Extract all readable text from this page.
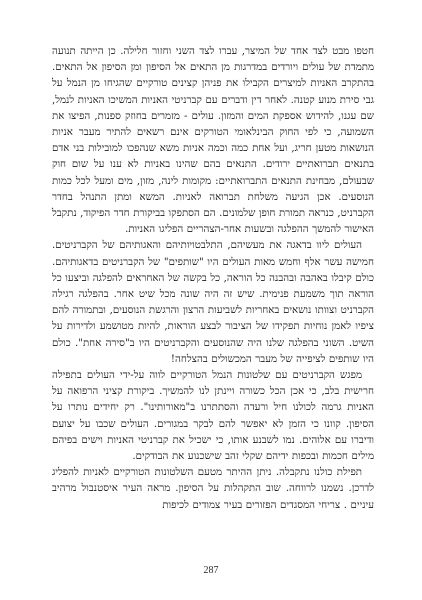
חטפו מבט לצד אחד של המיצר, עברו לצד השני וחזור חלילה. כן הייתה תנועה מתמדת של עולים ויורדים במדרגות מן התאים אל הסיפון ומן הסיפון אל התאים. בהתקרב האניות למיצרים הקבילו את פניהן קצינים טורקיים שהגיחו מן הנמל על גבי סירת מנוע קטנה. לאחר דין ודברים עם קברניטי האניות המשיכו האניות לנמל, שם עגנו, להידוש אספקת המים והמזון. עולים - מזמרים בחוזק ספנות, הפיצו את השמועה, כי לפי החוק הבינלאומי הטורקים אינם רשאים להתיר מעבר אניות הנושאות מטען חריג, ועל אחת כמה וכמה אניות משא שנהפכו למובילות בני אדם בתנאים תברואתיים ירודים. התנאים בהם שהינו באניות לא ענו על שום חוק שבעולם, מבחינת התנאים התברואתיים: מקומות לינה, מזון, מים ומעל לכל כמות הנוסעים. אכן הגיעה משלחת תברואה לאניות. המשא ומתן התנהל בחדר הקברניט, כנראה תמורת חופן שלמונים. הם הסתפקו בביקורת חדר הפיקוד, נתקבל האישור להמשך ההפלגה ובשעות אחר-הצהריים הפליגו האניות.

העולים ליוו בדאגה את מעשיהם, התלבטויותיהם והאגותיהם של הקברניטים. חמישה עשר אלף וחמש מאות העולים היו "שותפים" של הקברניטים בדאגותיהם. כולם קיבלו באהבה ובהבנה כל הוראה, כל בקשה של האחראים להפלגה וביצעו כל הוראה תוך משמעת פנימית. שיש זה היה שונה מכל שיט אחר. בהפלגה רגילה הקברניט וצוותו נושאים באחריות לשביעות הרצון והרגשת הנוסעים, ובתמורה להם ציפיו לאמן נוחיות תפקידו של הציבור לבצע הוראות, להיות מטושמע ולדירות על השיט. השוני בהפלגה שלנו היה שהנוסעים והקברניטים היו ב"סירה אחת". כולם היו שותפים לציפייה של מעבר המכשולים בהצלחה!

מפגש הקברניטים עם שלטונות הנמל הטורקיים לווה על-ידי העולים בתפילה חרישית בלב, כי אכן הכל כשורה ויינתן לנו להמשיך. ביקורת קציני הרפואה על האניות גרמה לכולנו חיל ורעדה והסתתרנו ב"מאורותינו". רק יחידים נותרו על הסיפון. קוונו כי הזמן לא יאפשר להם לבקר במגורים. העולים שכבו על יצועם ודיברו עם אלוהים. נמו לשבנע אותו, כי ישכיל את קברניטי האניות וישים בפיהם מילים חכמות ובכפות ידיהם שקלי זהב שישכנוע את הבודקים.

תפילת כולנו נתקבלה. ניתן ההיתר מטעם השלטונות הטורקיים לאניות להפליג לדרכן. נשמנו לרווחה. שוב התקהלות על הסיפון. מראה העיר איסטנבול מרהיב עיניים . צריחי המסגדים הפזורים בעיר צמודים לכיפות

287
